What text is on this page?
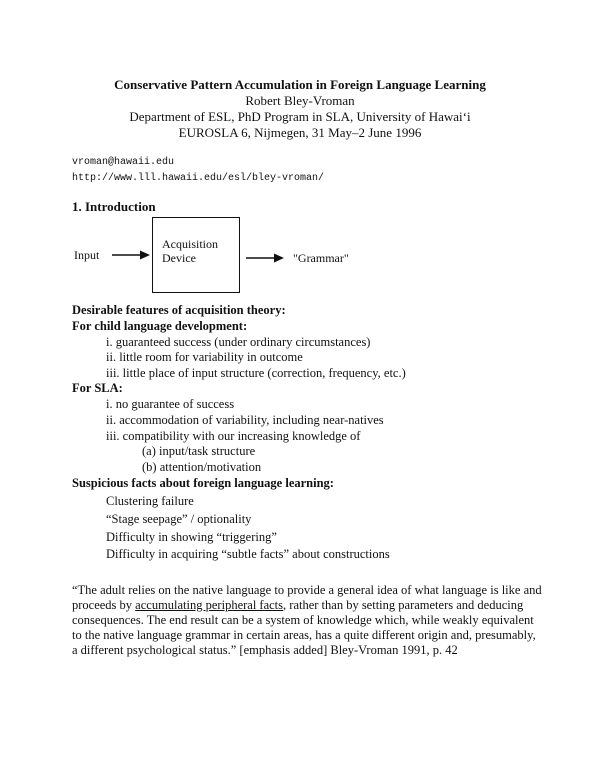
Conservative Pattern Accumulation in Foreign Language Learning
Robert Bley-Vroman
Department of ESL, PhD Program in SLA, University of Hawai‘i
EUROSLA 6, Nijmegen, 31 May–2 June 1996
vroman@hawaii.edu
http://www.lll.hawaii.edu/esl/bley-vroman/
1. Introduction
Input
Acquisition
Device	"Grammar"
Desirable features of acquisition theory:
For child language development:
i. guaranteed success (under ordinary circumstances)
ii. little room for variability in outcome
iii. little place of input structure (correction, frequency, etc.)
For SLA:
i. no guarantee of success
ii. accommodation of variability, including near-natives
iii. compatibility with our increasing knowledge of
(a) input/task structure
(b) attention/motivation
Suspicious facts about foreign language learning:
Clustering failure
“Stage seepage” / optionality
Difficulty in showing “triggering”
Difficulty in acquiring “subtle facts” about constructions
“The adult relies on the native language to provide a general idea of what language is like and proceeds by accumulating peripheral facts, rather than by setting parameters and deducing consequences. The end result can be a system of knowledge which, while weakly equivalent to the native language grammar in certain areas, has a quite different origin and, presumably, a different psychological status.” [emphasis added] Bley-Vroman 1991, p. 42
